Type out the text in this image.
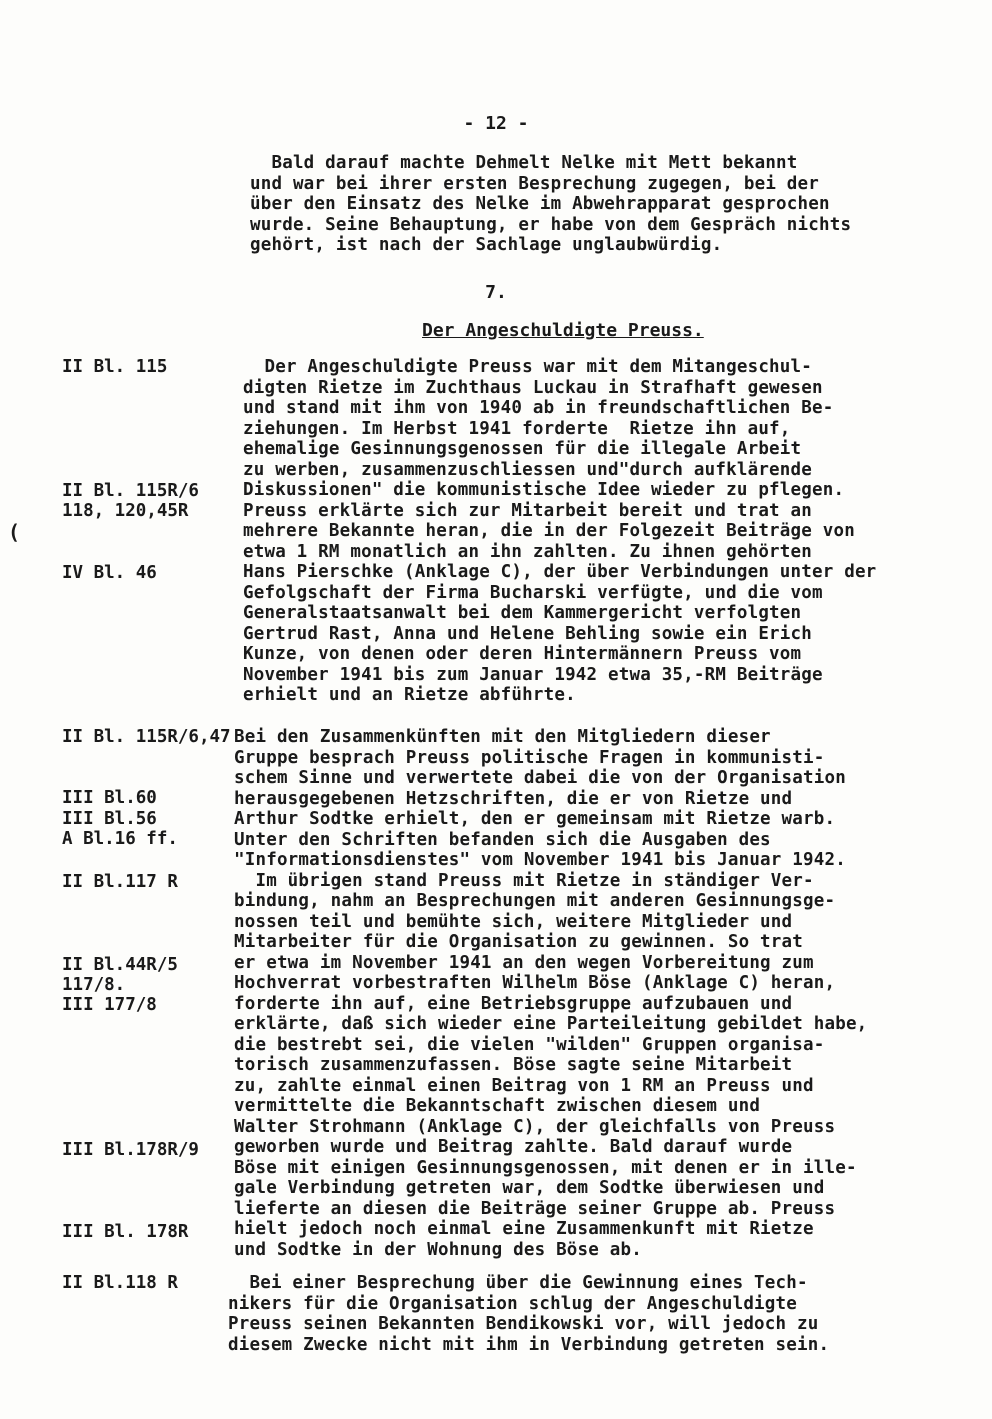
- 12 -
Bald darauf machte Dehmelt Nelke mit Mett bekannt
und war bei ihrer ersten Besprechung zugegen, bei der
über den Einsatz des Nelke im Abwehrapparat gesprochen
wurde. Seine Behauptung, er habe von dem Gespräch nichts
gehört, ist nach der Sachlage unglaubwürdig.
7.
Der Angeschuldigte Preuss.
(
II Bl. 115
II Bl. 115R/6
118, 120,45R
IV Bl. 46
II Bl. 115R/6,47
III Bl.60
III Bl.56
A Bl.16 ff.
II Bl.117 R
II Bl.44R/5
117/8.
III 177/8
III Bl.178R/9
III Bl. 178R
II Bl.118 R
Der Angeschuldigte Preuss war mit dem Mitangeschul-
digten Rietze im Zuchthaus Luckau in Strafhaft gewesen
und stand mit ihm von 1940 ab in freundschaftlichen Be-
ziehungen. Im Herbst 1941 forderte  Rietze ihn auf,
ehemalige Gesinnungsgenossen für die illegale Arbeit
zu werben, zusammenzuschliessen und"durch aufklärende
Diskussionen" die kommunistische Idee wieder zu pflegen.
Preuss erklärte sich zur Mitarbeit bereit und trat an
mehrere Bekannte heran, die in der Folgezeit Beiträge von
etwa 1 RM monatlich an ihn zahlten. Zu ihnen gehörten
Hans Pierschke (Anklage C), der über Verbindungen unter der
Gefolgschaft der Firma Bucharski verfügte, und die vom
Generalstaatsanwalt bei dem Kammergericht verfolgten
Gertrud Rast, Anna und Helene Behling sowie ein Erich
Kunze, von denen oder deren Hintermännern Preuss vom
November 1941 bis zum Januar 1942 etwa 35,-RM Beiträge
erhielt und an Rietze abführte.
Bei den Zusammenkünften mit den Mitgliedern dieser
Gruppe besprach Preuss politische Fragen in kommunisti-
schem Sinne und verwertete dabei die von der Organisation
herausgegebenen Hetzschriften, die er von Rietze und
Arthur Sodtke erhielt, den er gemeinsam mit Rietze warb.
Unter den Schriften befanden sich die Ausgaben des
"Informationsdienstes" vom November 1941 bis Januar 1942.
Im übrigen stand Preuss mit Rietze in ständiger Ver-
bindung, nahm an Besprechungen mit anderen Gesinnungsge-
nossen teil und bemühte sich, weitere Mitglieder und
Mitarbeiter für die Organisation zu gewinnen. So trat
er etwa im November 1941 an den wegen Vorbereitung zum
Hochverrat vorbestraften Wilhelm Böse (Anklage C) heran,
forderte ihn auf, eine Betriebsgruppe aufzubauen und
erklärte, daß sich wieder eine Parteileitung gebildet habe,
die bestrebt sei, die vielen "wilden" Gruppen organisa-
torisch zusammenzufassen. Böse sagte seine Mitarbeit
zu, zahlte einmal einen Beitrag von 1 RM an Preuss und
vermittelte die Bekanntschaft zwischen diesem und
Walter Strohmann (Anklage C), der gleichfalls von Preuss
geworben wurde und Beitrag zahlte. Bald darauf wurde
Böse mit einigen Gesinnungsgenossen, mit denen er in ille-
gale Verbindung getreten war, dem Sodtke überwiesen und
lieferte an diesen die Beiträge seiner Gruppe ab. Preuss
hielt jedoch noch einmal eine Zusammenkunft mit Rietze
und Sodtke in der Wohnung des Böse ab.
Bei einer Besprechung über die Gewinnung eines Tech-
nikers für die Organisation schlug der Angeschuldigte
Preuss seinen Bekannten Bendikowski vor, will jedoch zu
diesem Zwecke nicht mit ihm in Verbindung getreten sein.
